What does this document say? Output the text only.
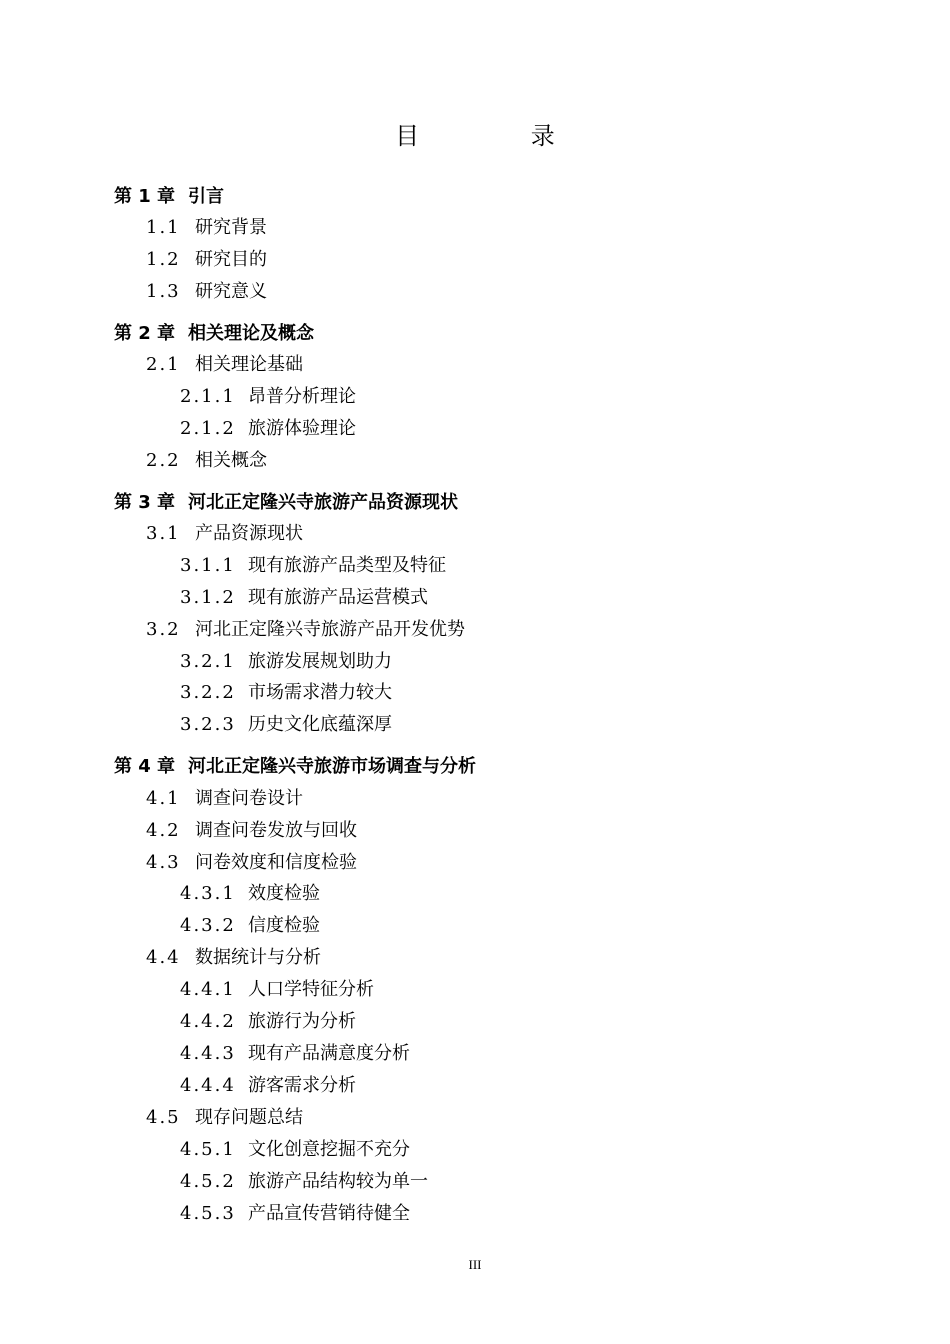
目 录
第 1 章 引言
1.1 研究背景
1.2 研究目的
1.3 研究意义
第 2 章 相关理论及概念
2.1 相关理论基础
2.1.1 昂普分析理论
2.1.2 旅游体验理论
2.2 相关概念
第 3 章 河北正定隆兴寺旅游产品资源现状
3.1 产品资源现状
3.1.1 现有旅游产品类型及特征
3.1.2 现有旅游产品运营模式
3.2 河北正定隆兴寺旅游产品开发优势
3.2.1 旅游发展规划助力
3.2.2 市场需求潜力较大
3.2.3 历史文化底蕴深厚
第 4 章 河北正定隆兴寺旅游市场调查与分析
4.1 调查问卷设计
4.2 调查问卷发放与回收
4.3 问卷效度和信度检验
4.3.1 效度检验
4.3.2 信度检验
4.4 数据统计与分析
4.4.1 人口学特征分析
4.4.2 旅游行为分析
4.4.3 现有产品满意度分析
4.4.4 游客需求分析
4.5 现存问题总结
4.5.1 文化创意挖掘不充分
4.5.2 旅游产品结构较为单一
4.5.3 产品宣传营销待健全
III
